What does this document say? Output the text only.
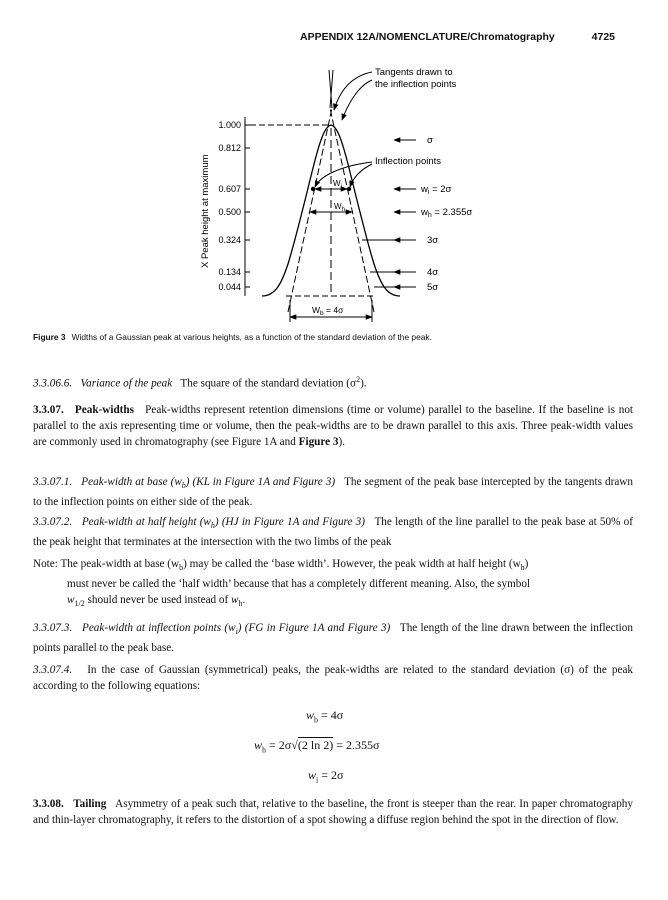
APPENDIX 12A/NOMENCLATURE/Chromatography	4725
1.000
0.812
0.607
0.500
0.324
0.134
0.044
X Peak height at maximum	$W_i$
$W_h$
$W_b = 4\sigma$
Tangents drawn to
the inflection points
Inflection points
σ
$w_i = 2\sigma$
$w_h = 2.355\sigma$
3σ
4σ
5σ
Figure 3 Widths of a Gaussian peak at various heights, as a function of the standard deviation of the peak.

3.3.06.6. Variance of the peak The square of the standard deviation $(\sigma^2)$.

3.3.07. Peak-widths Peak-widths represent retention dimensions (time or volume) parallel to the baseline. If the baseline is not parallel to the axis representing time or volume, then the peak-widths are to be drawn parallel to this axis. Three peak-width values are commonly used in chromatography (see Figure 1A and Figure 3).

3.3.07.1. Peak-width at base $(w_b)$ (KL in Figure 1A and Figure 3) The segment of the peak base intercepted by the tangents drawn to the inflection points on either side of the peak.

3.3.07.2. Peak-width at half height $(w_h)$ (HJ in Figure 1A and Figure 3) The length of the line parallel to the peak base at 50% of the peak height that terminates at the intersection with the two limbs of the peak

Note: The peak-width at base $(w_b)$ may be called the ‘base width’. However, the peak width at half height $(w_h)$

must never be called the ‘half width’ because that has a completely different meaning. Also, the symbol

$w_{1/2}$ should never be used instead of $w_h$.

3.3.07.3. Peak-width at inflection points $(w_i)$ (FG in Figure 1A and Figure 3) The length of the line drawn between the inflection points parallel to the peak base.

3.3.07.4. In the case of Gaussian (symmetrical) peaks, the peak-widths are related to the standard deviation (σ) of the peak according to the following equations:

$w_b = 4\sigma$
$w_h = 2\sigma√(2$ ln 2) = 2.355σ
$w_i = 2\sigma$

3.3.08. Tailing Asymmetry of a peak such that, relative to the baseline, the front is steeper than the rear. In paper chromatography and thin-layer chromatography, it refers to the distortion of a spot showing a diffuse region behind the spot in the direction of flow.
